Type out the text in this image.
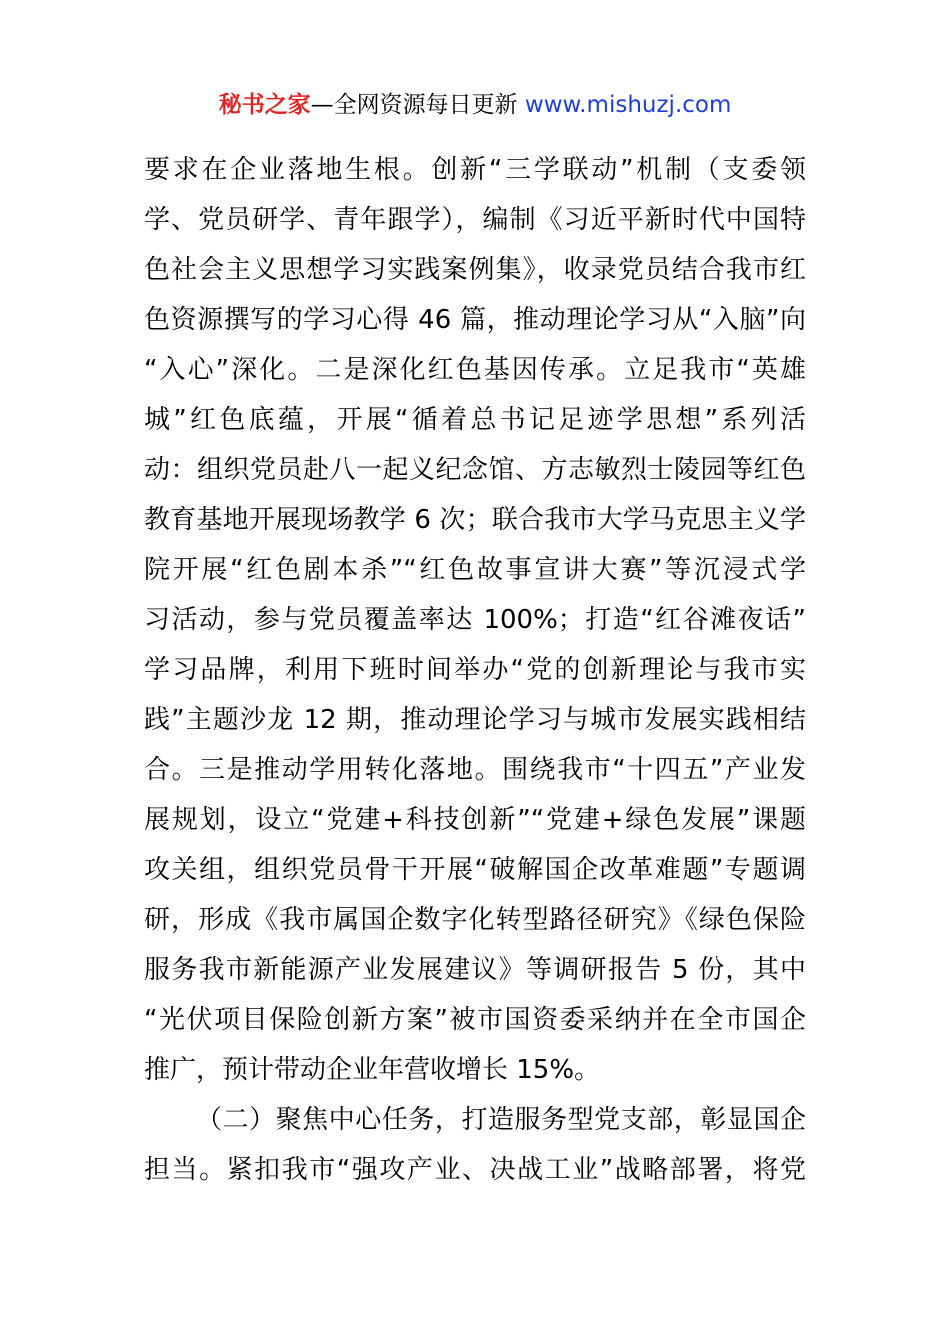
秘书之家—全网资源每日更新 www.mishuzj.com
要求在企业落地生根。创新“三学联动”机制（支委领
学、党员研学、青年跟学），编制《习近平新时代中国特
色社会主义思想学习实践案例集》，收录党员结合我市红
色资源撰写的学习心得 46 篇，推动理论学习从“入脑”向
“入心”深化。二是深化红色基因传承。立足我市“英雄
城”红色底蕴，开展“循着总书记足迹学思想”系列活
动：组织党员赴八一起义纪念馆、方志敏烈士陵园等红色
教育基地开展现场教学 6 次；联合我市大学马克思主义学
院开展“红色剧本杀”“红色故事宣讲大赛”等沉浸式学
习活动，参与党员覆盖率达 100%；打造“红谷滩夜话”
学习品牌，利用下班时间举办“党的创新理论与我市实
践”主题沙龙 12 期，推动理论学习与城市发展实践相结
合。三是推动学用转化落地。围绕我市“十四五”产业发
展规划，设立“党建+科技创新”“党建+绿色发展”课题
攻关组，组织党员骨干开展“破解国企改革难题”专题调
研，形成《我市属国企数字化转型路径研究》《绿色保险
服务我市新能源产业发展建议》等调研报告 5 份，其中
“光伏项目保险创新方案”被市国资委采纳并在全市国企
推广，预计带动企业年营收增长 15%。
（二）聚焦中心任务，打造服务型党支部，彰显国企
担当。紧扣我市“强攻产业、决战工业”战略部署，将党
